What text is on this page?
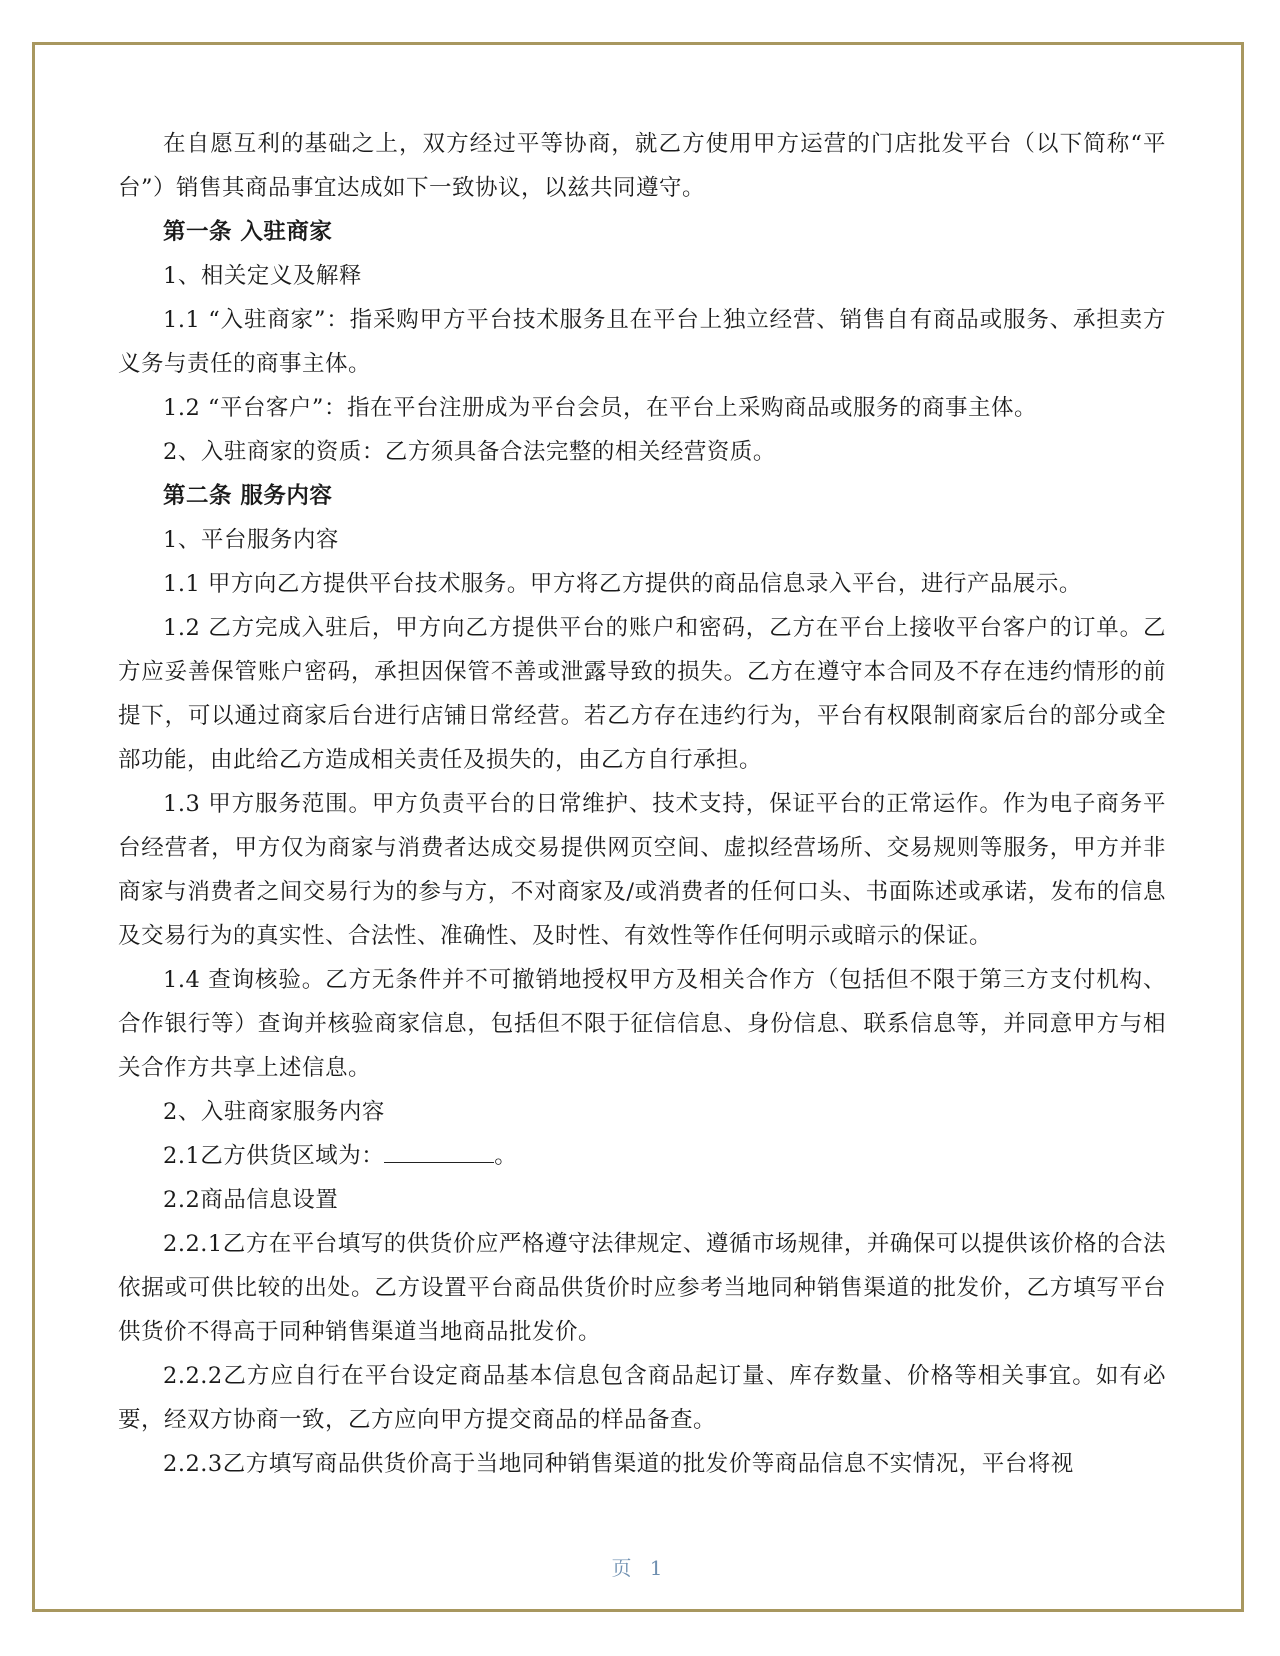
在自愿互利的基础之上，双方经过平等协商，就乙方使用甲方运营的门店批发平台（以下简称“平台”）销售其商品事宜达成如下一致协议，以兹共同遵守。

第一条 入驻商家

1、相关定义及解释

1.1 “入驻商家”：指采购甲方平台技术服务且在平台上独立经营、销售自有商品或服务、承担卖方义务与责任的商事主体。

1.2 “平台客户”：指在平台注册成为平台会员，在平台上采购商品或服务的商事主体。

2、入驻商家的资质：乙方须具备合法完整的相关经营资质。

第二条 服务内容

1、平台服务内容

1.1 甲方向乙方提供平台技术服务。甲方将乙方提供的商品信息录入平台，进行产品展示。

1.2 乙方完成入驻后，甲方向乙方提供平台的账户和密码，乙方在平台上接收平台客户的订单。乙方应妥善保管账户密码，承担因保管不善或泄露导致的损失。乙方在遵守本合同及不存在违约情形的前提下，可以通过商家后台进行店铺日常经营。若乙方存在违约行为，平台有权限制商家后台的部分或全部功能，由此给乙方造成相关责任及损失的，由乙方自行承担。

1.3 甲方服务范围。甲方负责平台的日常维护、技术支持，保证平台的正常运作。作为电子商务平台经营者，甲方仅为商家与消费者达成交易提供网页空间、虚拟经营场所、交易规则等服务，甲方并非商家与消费者之间交易行为的参与方，不对商家及/或消费者的任何口头、书面陈述或承诺，发布的信息及交易行为的真实性、合法性、准确性、及时性、有效性等作任何明示或暗示的保证。

1.4 查询核验。乙方无条件并不可撤销地授权甲方及相关合作方（包括但不限于第三方支付机构、合作银行等）查询并核验商家信息，包括但不限于征信信息、身份信息、联系信息等，并同意甲方与相关合作方共享上述信息。

2、入驻商家服务内容

2.1乙方供货区域为：	。

2.2商品信息设置

2.2.1乙方在平台填写的供货价应严格遵守法律规定、遵循市场规律，并确保可以提供该价格的合法依据或可供比较的出处。乙方设置平台商品供货价时应参考当地同种销售渠道的批发价，乙方填写平台供货价不得高于同种销售渠道当地商品批发价。

2.2.2乙方应自行在平台设定商品基本信息包含商品起订量、库存数量、价格等相关事宜。如有必要，经双方协商一致，乙方应向甲方提交商品的样品备查。

2.2.3乙方填写商品供货价高于当地同种销售渠道的批发价等商品信息不实情况，平台将视

页 1
